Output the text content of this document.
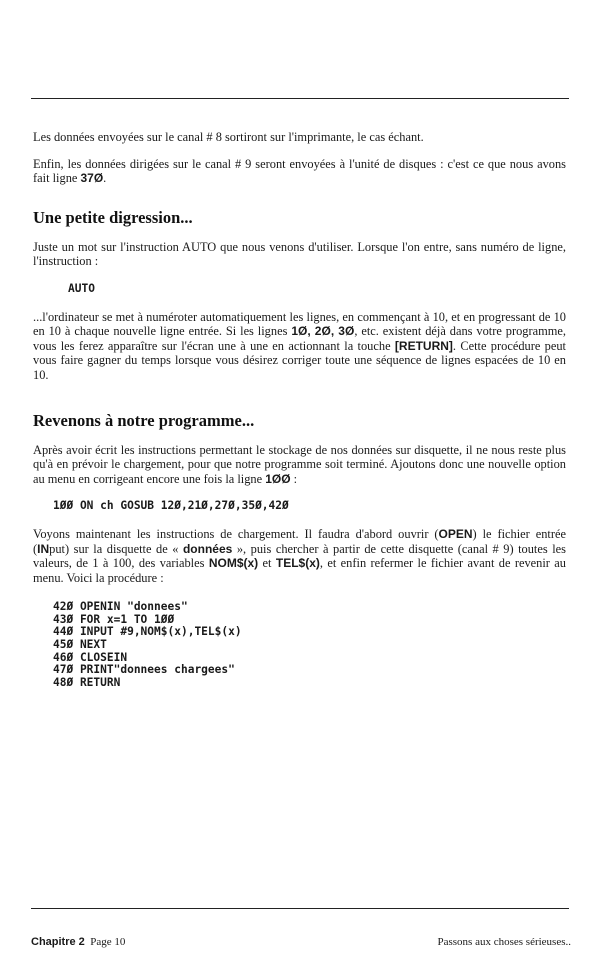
Les données envoyées sur le canal # 8 sortiront sur l'imprimante, le cas échant.

Enfin, les données dirigées sur le canal # 9 seront envoyées à l'unité de disques : c'est ce que nous avons fait ligne 37Ø.

Une petite digression...

Juste un mot sur l'instruction AUTO que nous venons d'utiliser. Lorsque l'on entre, sans numéro de ligne, l'instruction :

AUTO

...l'ordinateur se met à numéroter automatiquement les lignes, en commençant à 10, et en progressant de 10 en 10 à chaque nouvelle ligne entrée. Si les lignes 1Ø, 2Ø, 3Ø, etc. existent déjà dans votre programme, vous les ferez apparaître sur l'écran une à une en actionnant la touche [RETURN]. Cette procédure peut vous faire gagner du temps lorsque vous désirez corriger toute une séquence de lignes espacées de 10 en 10.

Revenons à notre programme...

Après avoir écrit les instructions permettant le stockage de nos données sur disquette, il ne nous reste plus qu'à en prévoir le chargement, pour que notre programme soit terminé. Ajoutons donc une nouvelle option au menu en corrigeant encore une fois la ligne 1ØØ :

1ØØ ON ch GOSUB 12Ø,21Ø,27Ø,35Ø,42Ø

Voyons maintenant les instructions de chargement. Il faudra d'abord ouvrir (OPEN) le fichier entrée (INput) sur la disquette de « données », puis chercher à partir de cette disquette (canal # 9) toutes les valeurs, de 1 à 100, des variables NOM$(x) et TEL$(x), et enfin refermer le fichier avant de revenir au menu. Voici la procédure :

42Ø OPENIN "donnees"
43Ø FOR x=1 TO 1ØØ
44Ø INPUT #9,NOM$(x),TEL$(x)
45Ø NEXT
46Ø CLOSEIN
47Ø PRINT"donnees chargees"
48Ø RETURN
Chapitre 2 Page 10	Passons aux choses sérieuses..
